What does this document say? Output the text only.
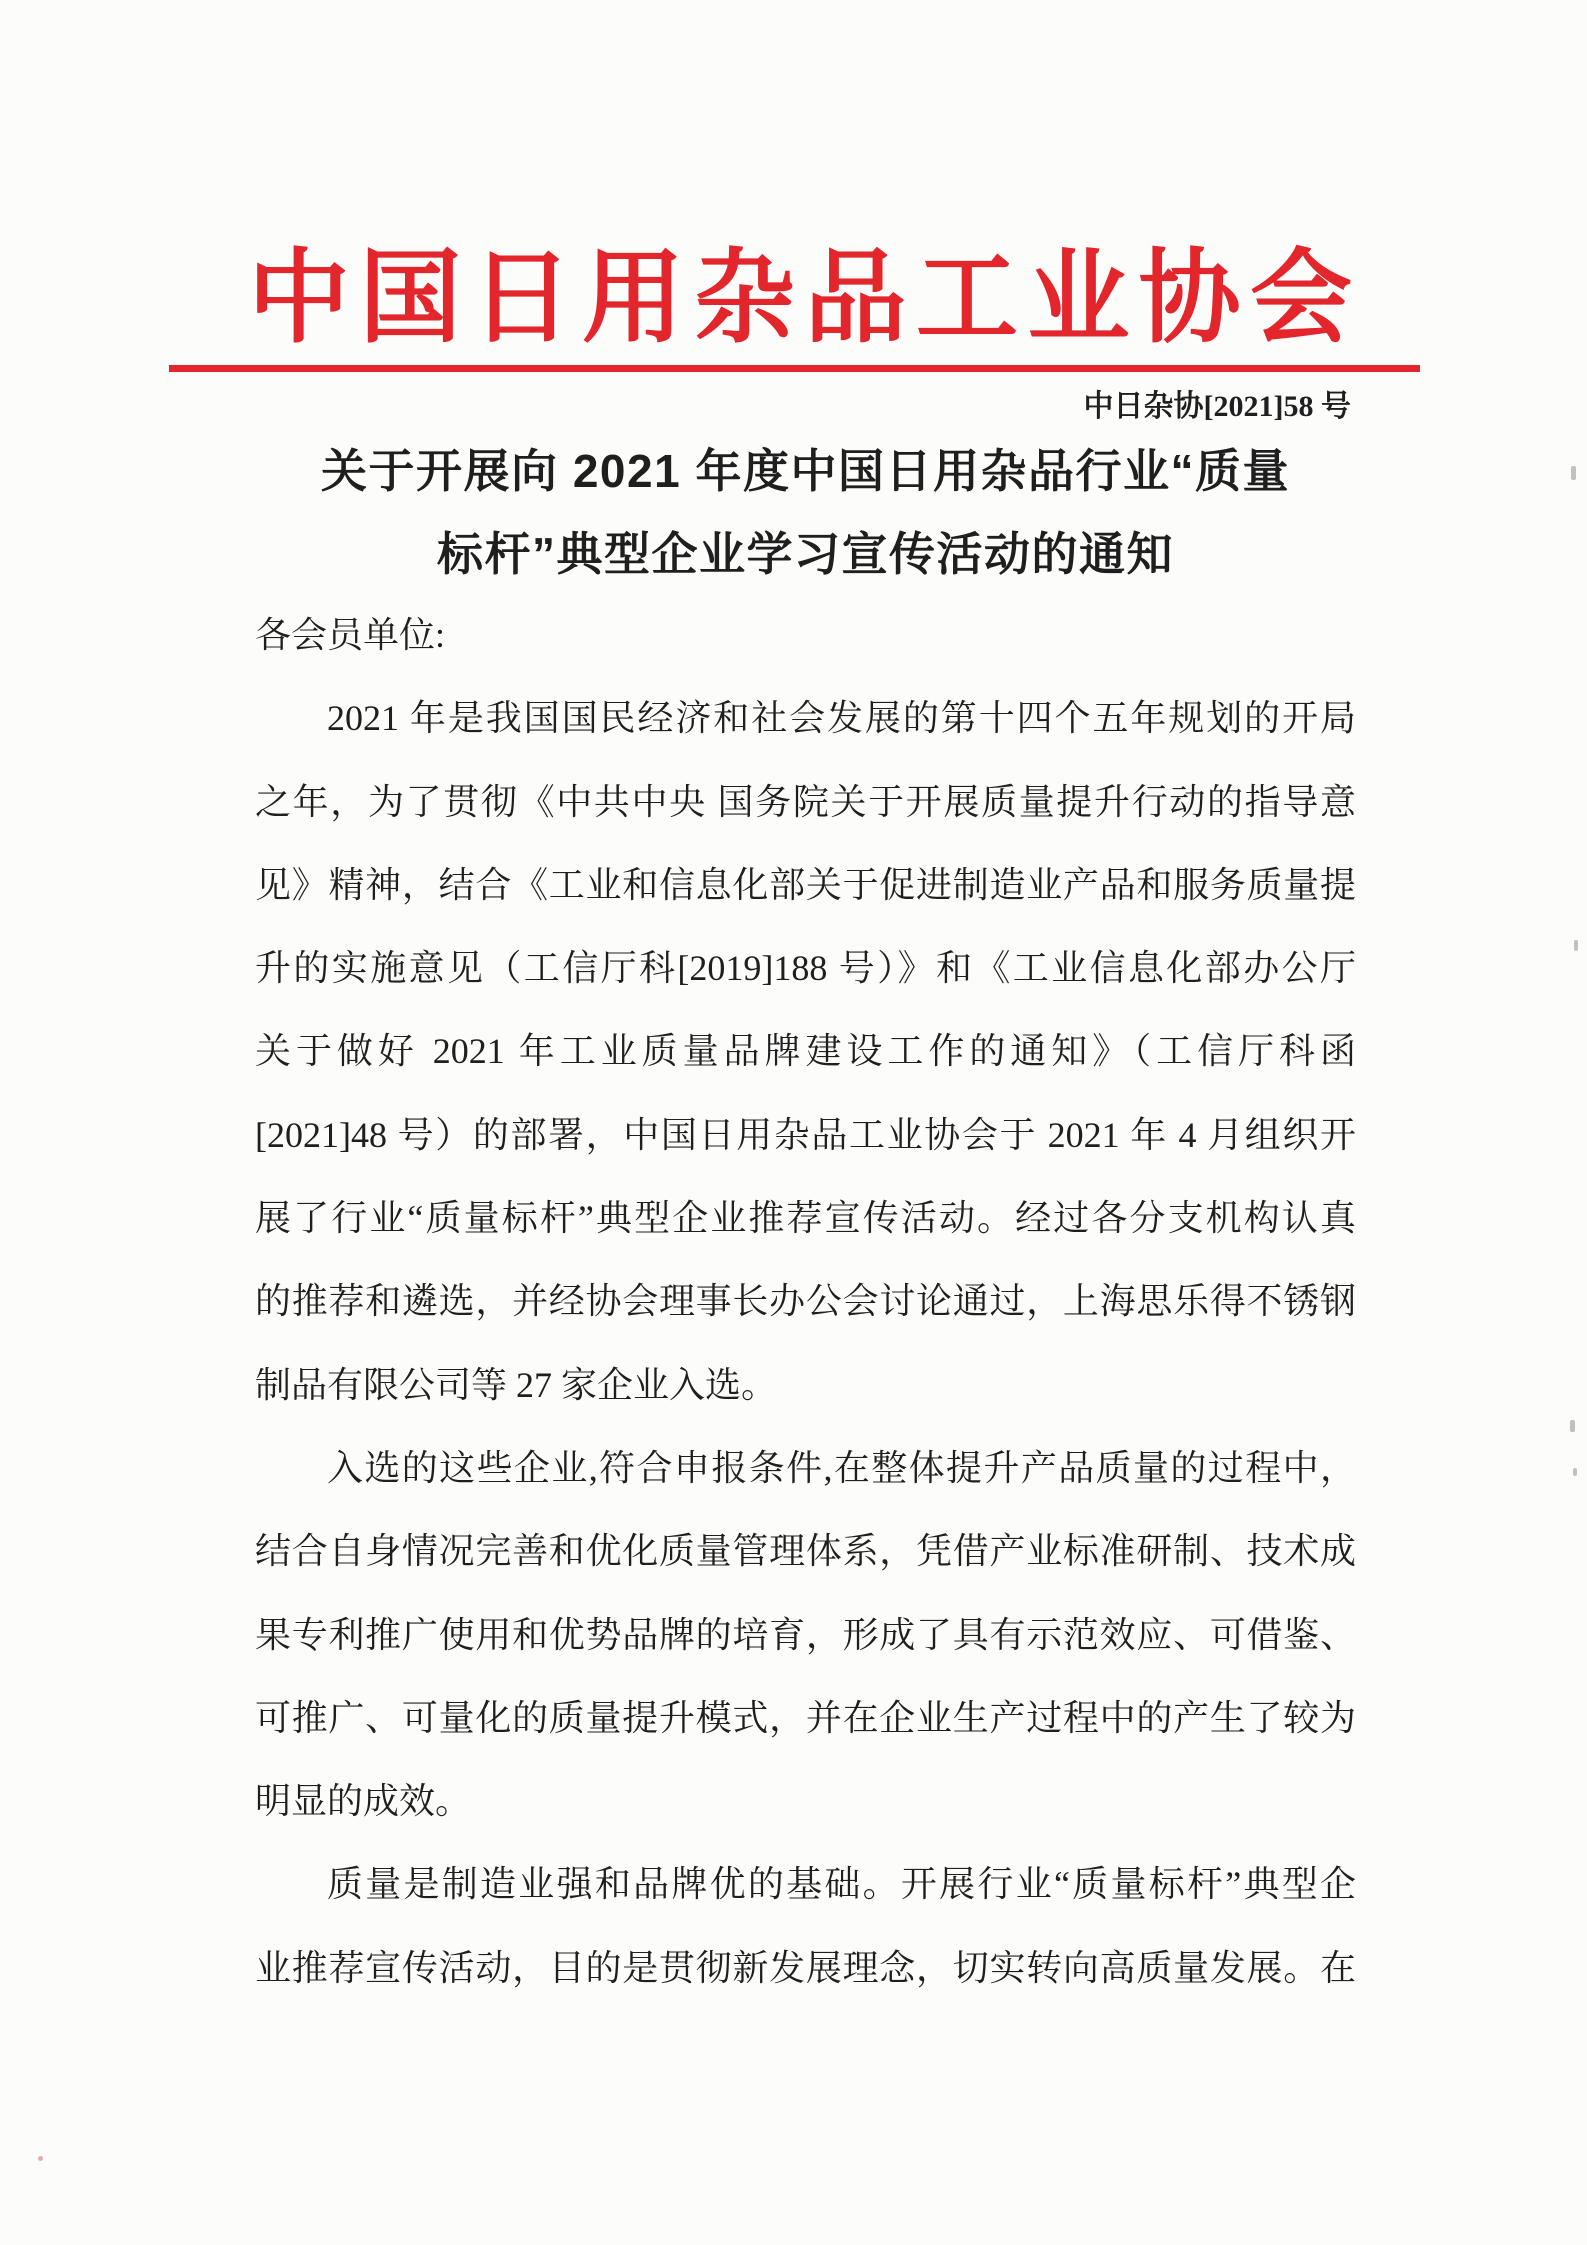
中国日用杂品工业协会
中日杂协[2021]58 号
关于开展向 2021 年度中国日用杂品行业“质量
标杆”典型企业学习宣传活动的通知
各会员单位:
2021 年是我国国民经济和社会发展的第十四个五年规划的开局
之年，为了贯彻《中共中央 国务院关于开展质量提升行动的指导意
见》精神，结合《工业和信息化部关于促进制造业产品和服务质量提
升的实施意见（工信厅科[2019]188 号）》和《工业信息化部办公厅
关于做好 2021 年工业质量品牌建设工作的通知》（工信厅科函
[2021]48 号）的部署，中国日用杂品工业协会于 2021 年 4 月组织开
展了行业“质量标杆”典型企业推荐宣传活动。经过各分支机构认真
的推荐和遴选，并经协会理事长办公会讨论通过，上海思乐得不锈钢
制品有限公司等 27 家企业入选。
入选的这些企业,符合申报条件,在整体提升产品质量的过程中，
结合自身情况完善和优化质量管理体系，凭借产业标准研制、技术成
果专利推广使用和优势品牌的培育，形成了具有示范效应、可借鉴、
可推广、可量化的质量提升模式，并在企业生产过程中的产生了较为
明显的成效。
质量是制造业强和品牌优的基础。开展行业“质量标杆”典型企
业推荐宣传活动，目的是贯彻新发展理念，切实转向高质量发展。在
